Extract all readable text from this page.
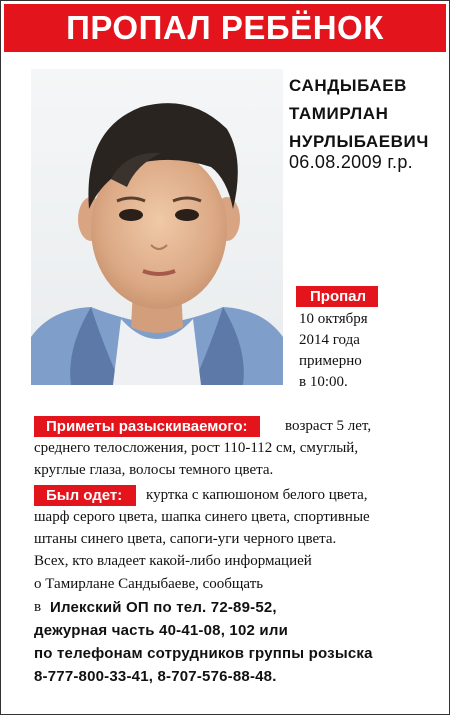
ПРОПАЛ РЕБЁНОК
САНДЫБАЕВ
ТАМИРЛАН
НУРЛЫБАЕВИЧ
06.08.2009 г.р.
Пропал
10 октября
2014 года
примерно
в 10:00.
Приметы разыскиваемого:	возраст 5 лет,
среднего телосложения, рост 110-112 см, смуглый,
круглые глаза, волосы темного цвета.
Был одет:	куртка с капюшоном белого цвета,
шарф серого цвета, шапка синего цвета, спортивные
штаны синего цвета, сапоги-уги черного цвета.
Всех, кто владеет какой-либо информацией
о Тамирлане Сандыбаеве, сообщать
в Илекский ОП по тел. 72-89-52,
дежурная часть 40-41-08, 102 или
по телефонам сотрудников группы розыска
8-777-800-33-41, 8-707-576-88-48.
